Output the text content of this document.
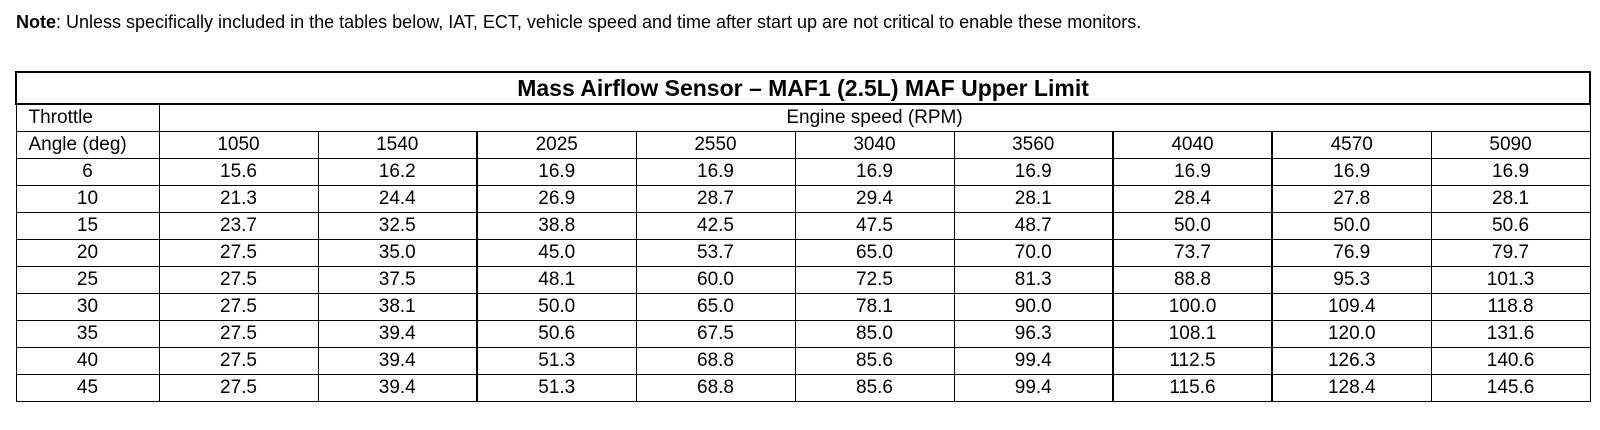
Note: Unless specifically included in the tables below, IAT, ECT, vehicle speed and time after start up are not critical to enable these monitors.
Mass Airflow Sensor – MAF1 (2.5L) MAF Upper Limit									
Throttle	Engine speed (RPM)								
Angle (deg)	1050	1540	2025	2550	3040	3560	4040	4570	5090
6	15.6	16.2	16.9	16.9	16.9	16.9	16.9	16.9	16.9
10	21.3	24.4	26.9	28.7	29.4	28.1	28.4	27.8	28.1
15	23.7	32.5	38.8	42.5	47.5	48.7	50.0	50.0	50.6
20	27.5	35.0	45.0	53.7	65.0	70.0	73.7	76.9	79.7
25	27.5	37.5	48.1	60.0	72.5	81.3	88.8	95.3	101.3
30	27.5	38.1	50.0	65.0	78.1	90.0	100.0	109.4	118.8
35	27.5	39.4	50.6	67.5	85.0	96.3	108.1	120.0	131.6
40	27.5	39.4	51.3	68.8	85.6	99.4	112.5	126.3	140.6
45	27.5	39.4	51.3	68.8	85.6	99.4	115.6	128.4	145.6
